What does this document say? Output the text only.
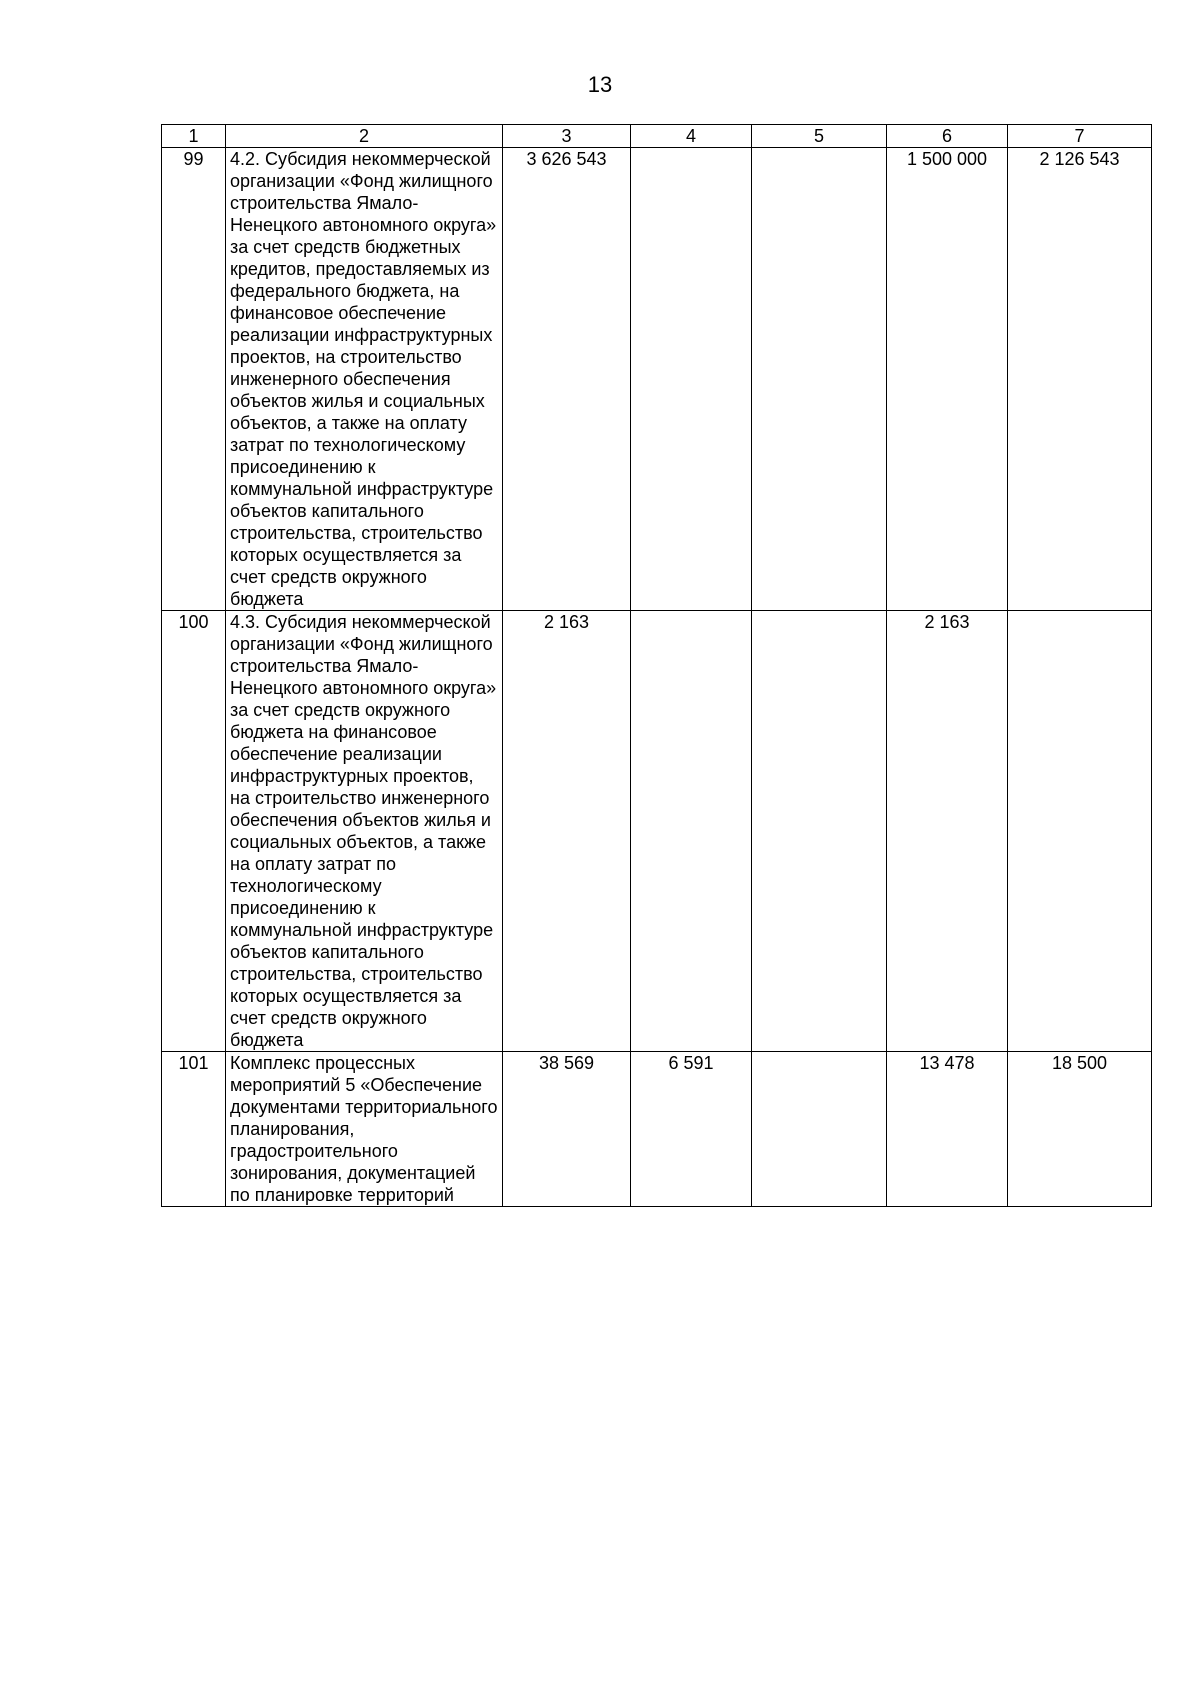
13
1	2	3	4	5	6	7
99	4.2. Субсидия некоммерческой организации «Фонд жилищного строительства Ямало-Ненецкого автономного округа» за счет средств бюджетных кредитов, предоставляемых из федерального бюджета, на финансовое обеспечение реализации инфраструктурных проектов, на строительство инженерного обеспечения объектов жилья и социальных объектов, а также на оплату затрат по технологическому присоединению к коммунальной инфраструктуре объектов капитального строительства, строительство которых осуществляется за счет средств окружного бюджета	3 626 543			1 500 000	2 126 543
100	4.3. Субсидия некоммерческой организации «Фонд жилищного строительства Ямало-Ненецкого автономного округа» за счет средств окружного бюджета на финансовое обеспечение реализации инфраструктурных проектов, на строительство инженерного обеспечения объектов жилья и социальных объектов, а также на оплату затрат по технологическому присоединению к коммунальной инфраструктуре объектов капитального строительства, строительство которых осуществляется за счет средств окружного бюджета	2 163			2 163	
101	Комплекс процессных мероприятий 5 «Обеспечение документами территориального планирования, градостроительного зонирования, документацией по планировке территорий	38 569	6 591		13 478	18 500
